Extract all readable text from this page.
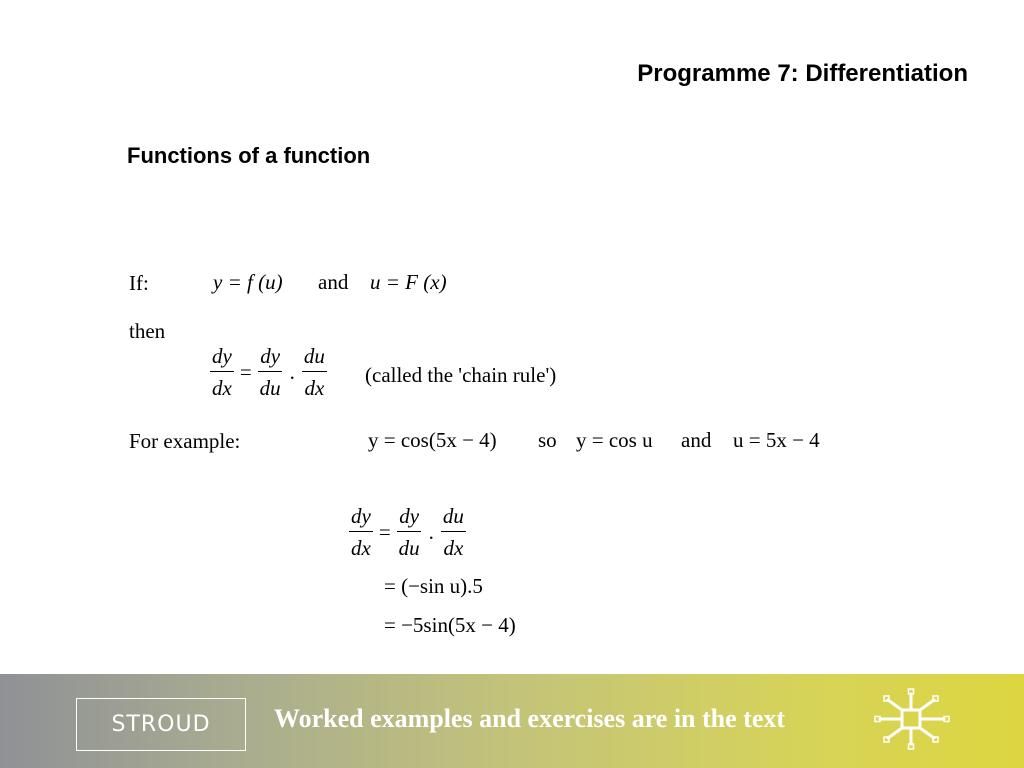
Programme 7: Differentiation
Functions of a function
If:	y = f (u) and u = F (x)
then
$\frac{dy}{dx} = \frac{dy}{du}$ . $\frac{du}{dx}$ (called the 'chain rule')
For example:	y = cos(5x − 4) so y = cos u and u = 5x − 4
$\frac{dy}{dx} = \frac{dy}{du}$ . $\frac{du}{dx}$
= (−sin u).5
= −5sin(5x − 4)
STROUD Worked examples and exercises are in the text
